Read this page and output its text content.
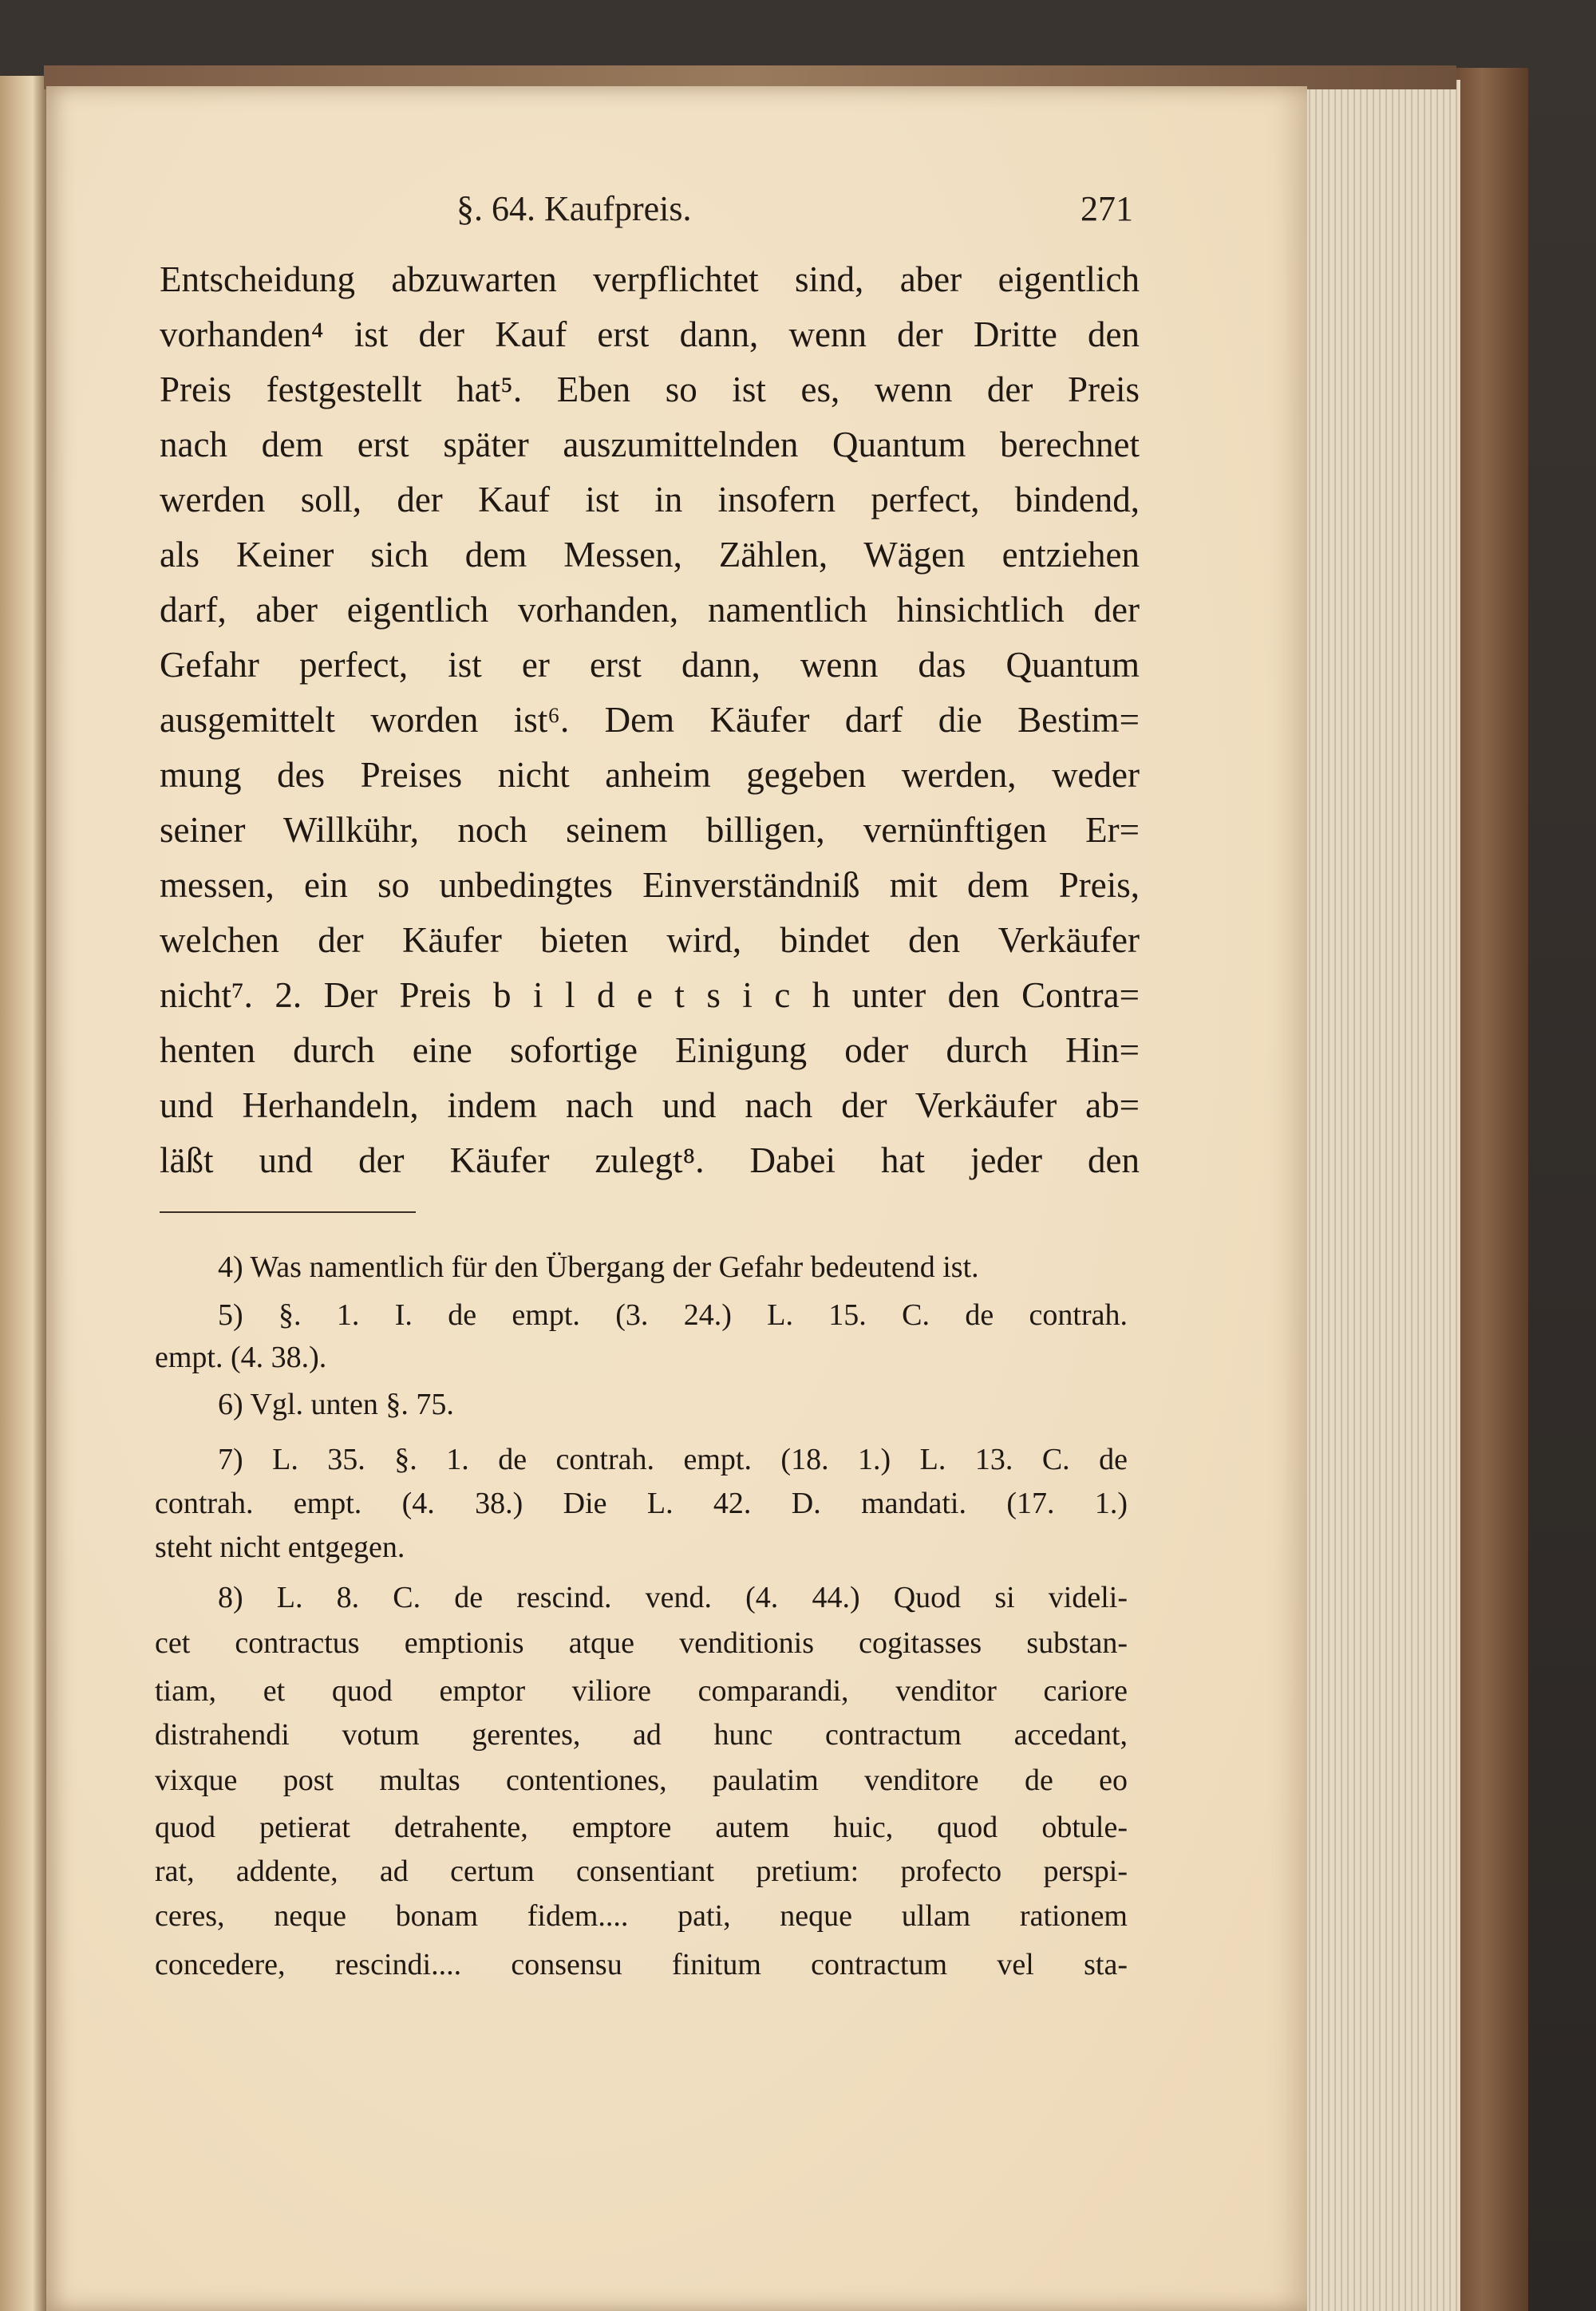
§. 64. Kaufpreis.	271
Entscheidung abzuwarten verpflichtet sind, aber eigentlich
vorhanden⁴ ist der Kauf erst dann, wenn der Dritte den
Preis festgestellt hat⁵. Eben so ist es, wenn der Preis
nach dem erst später auszumittelnden Quantum berechnet
werden soll, der Kauf ist in insofern perfect, bindend,
als Keiner sich dem Messen, Zählen, Wägen entziehen
darf, aber eigentlich vorhanden, namentlich hinsichtlich der
Gefahr perfect, ist er erst dann, wenn das Quantum
ausgemittelt worden ist⁶. Dem Käufer darf die Bestim=
mung des Preises nicht anheim gegeben werden, weder
seiner Willkühr, noch seinem billigen, vernünftigen Er=
messen, ein so unbedingtes Einverständniß mit dem Preis,
welchen der Käufer bieten wird, bindet den Verkäufer
nicht⁷. 2. Der Preis b i l d e t s i c h unter den Contra=
henten durch eine sofortige Einigung oder durch Hin=
und Herhandeln, indem nach und nach der Verkäufer ab=
läßt und der Käufer zulegt⁸. Dabei hat jeder den
4) Was namentlich für den Übergang der Gefahr bedeutend ist.
5) §. 1. I. de empt. (3. 24.) L. 15. C. de contrah.
empt. (4. 38.).
6) Vgl. unten §. 75.
7) L. 35. §. 1. de contrah. empt. (18. 1.) L. 13. C. de
contrah. empt. (4. 38.) Die L. 42. D. mandati. (17. 1.)
steht nicht entgegen.
8) L. 8. C. de rescind. vend. (4. 44.) Quod si videli-
cet contractus emptionis atque venditionis cogitasses substan-
tiam, et quod emptor viliore comparandi, venditor cariore
distrahendi votum gerentes, ad hunc contractum accedant,
vixque post multas contentiones, paulatim venditore de eo
quod petierat detrahente, emptore autem huic, quod obtule-
rat, addente, ad certum consentiant pretium: profecto perspi-
ceres, neque bonam fidem.... pati, neque ullam rationem
concedere, rescindi.... consensu finitum contractum vel sta-
